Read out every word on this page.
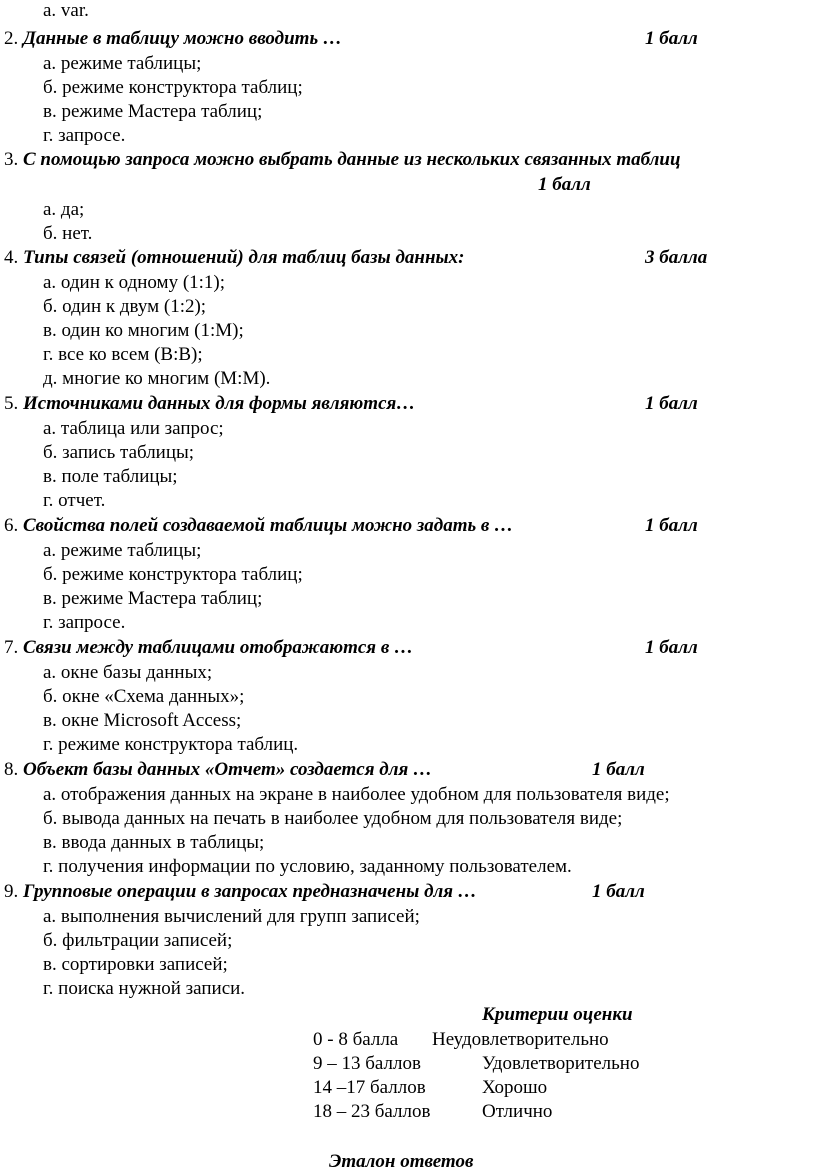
а. var.
2. Данные в таблицу можно вводить …	1 балл
а. режиме таблицы;
б. режиме конструктора таблиц;
в. режиме Мастера таблиц;
г. запросе.
3. С помощью запроса можно выбрать данные из нескольких связанных таблиц
1 балл
а. да;
б. нет.
4. Типы связей (отношений) для таблиц базы данных:	3 балла
а. один к одному (1:1);
б. один к двум (1:2);
в. один ко многим (1:М);
г. все ко всем (В:В);
д. многие ко многим (М:М).
5. Источниками данных для формы являются…	1 балл
а. таблица или запрос;
б. запись таблицы;
в. поле таблицы;
г. отчет.
6. Свойства полей создаваемой таблицы можно задать в …	1 балл
а. режиме таблицы;
б. режиме конструктора таблиц;
в. режиме Мастера таблиц;
г. запросе.
7. Связи между таблицами отображаются в …	1 балл
а. окне базы данных;
б. окне «Схема данных»;
в. окне Microsoft Access;
г. режиме конструктора таблиц.
8. Объект базы данных «Отчет» создается для …	1 балл
а. отображения данных на экране в наиболее удобном для пользователя виде;
б. вывода данных на печать в наиболее удобном для пользователя виде;
в. ввода данных в таблицы;
г. получения информации по условию, заданному пользователем.
9. Групповые операции в запросах предназначены для …	1 балл
а. выполнения вычислений для групп записей;
б. фильтрации записей;
в. сортировки записей;
г. поиска нужной записи.
Критерии оценки
0 - 8 балла Неудовлетворительно
9 – 13 баллов	Удовлетворительно
14 –17 баллов	Хорошо
18 – 23 баллов	Отлично
Эталон ответов
